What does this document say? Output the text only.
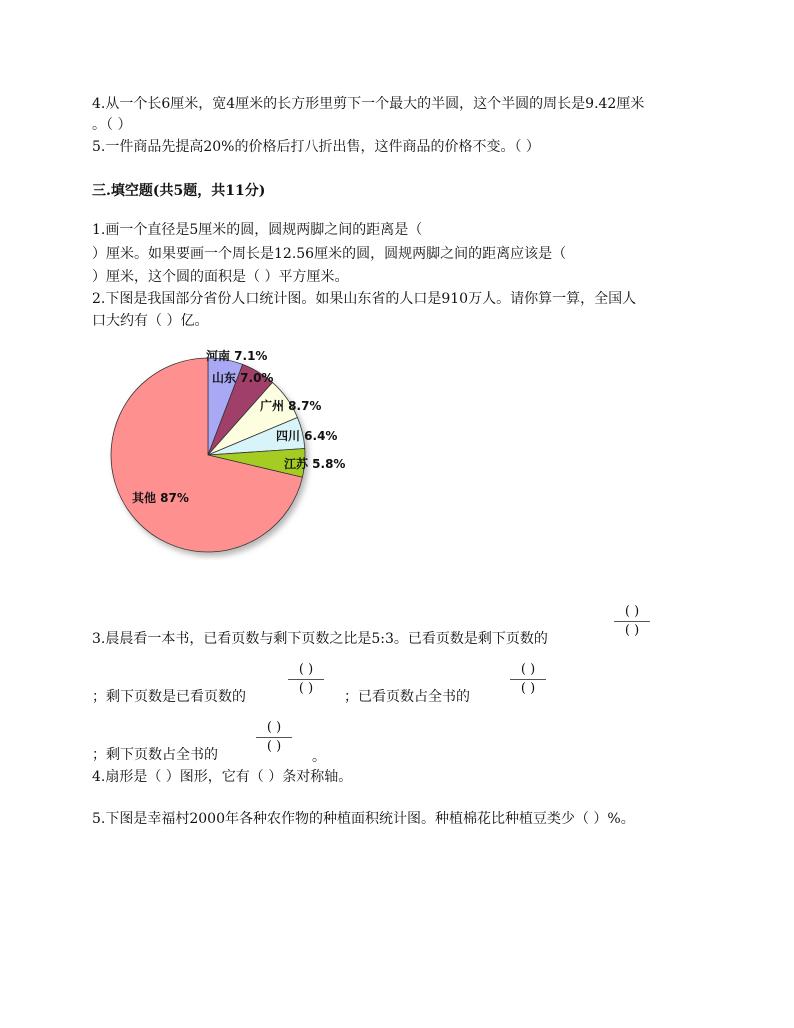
4.从一个长6厘米，宽4厘米的长方形里剪下一个最大的半圆，这个半圆的周长是9.42厘米
。（ ）
5.一件商品先提高20%的价格后打八折出售，这件商品的价格不变。（ ）
三.填空题(共5题，共11分)
1.画一个直径是5厘米的圆，圆规两脚之间的距离是（
）厘米。如果要画一个周长是12.56厘米的圆，圆规两脚之间的距离应该是（
）厘米，这个圆的面积是（ ）平方厘米。
2.下图是我国部分省份人口统计图。如果山东省的人口是910万人。请你算一算，全国人
口大约有（ ）亿。
河南 7.1%
山东 7.0%
广州 8.7%
四川 6.4%
江苏 5.8%
其他 87%
3.晨晨看一本书，已看页数与剩下页数之比是5:3。已看页数是剩下页数的
( )
( )
；剩下页数是已看页数的
( )
( )
；已看页数占全书的
( )
( )
；剩下页数占全书的
( )
( )
。
4.扇形是（ ）图形，它有（ ）条对称轴。
5.下图是幸福村2000年各种农作物的种植面积统计图。种植棉花比种植豆类少（ ）%。
